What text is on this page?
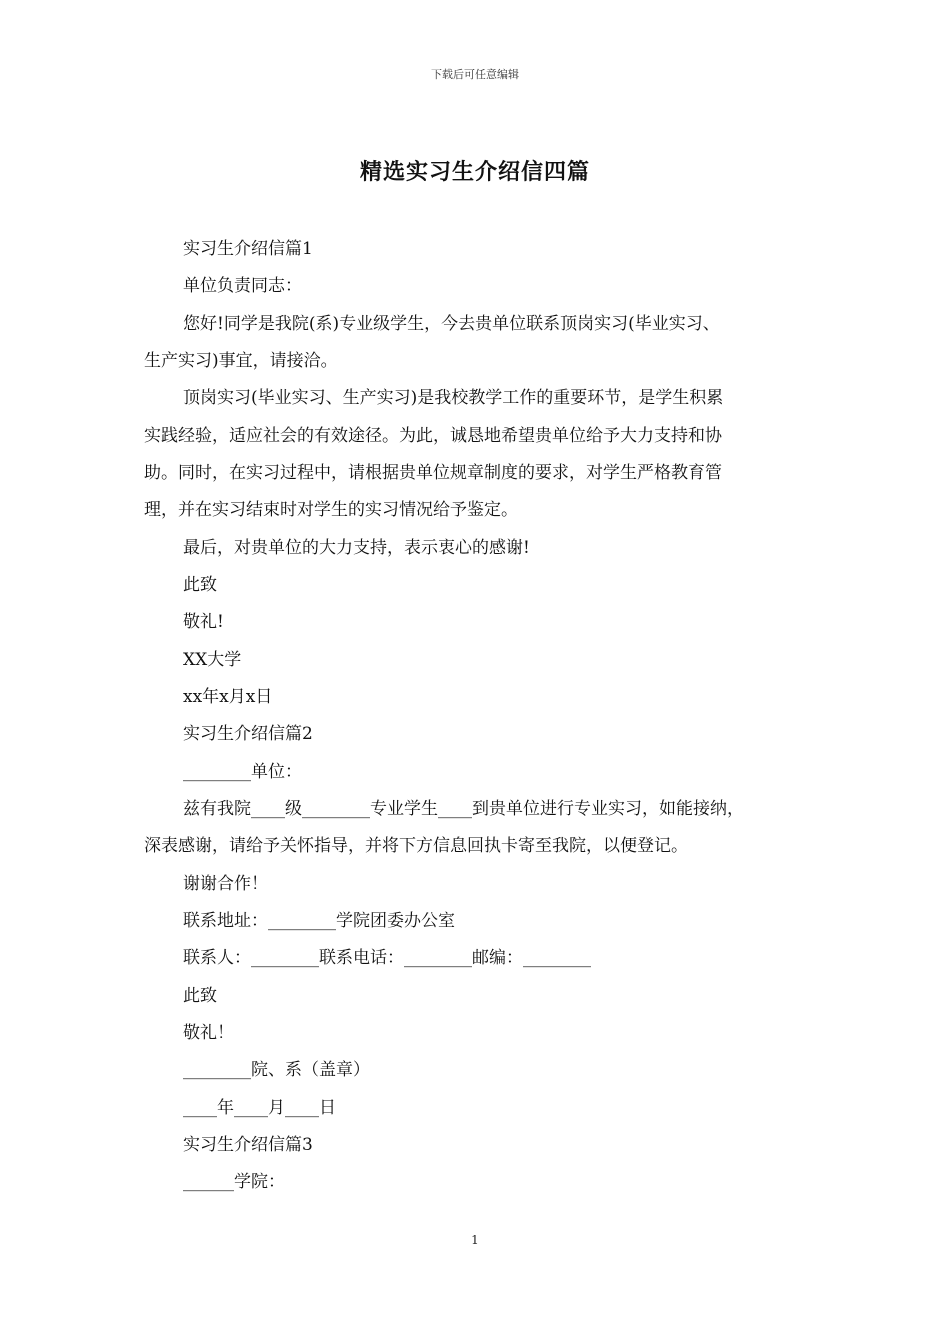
下载后可任意编辑
精选实习生介绍信四篇
实习生介绍信篇1
单位负责同志：
您好!同学是我院(系)专业级学生，今去贵单位联系顶岗实习(毕业实习、
生产实习)事宜，请接洽。
顶岗实习(毕业实习、生产实习)是我校教学工作的重要环节，是学生积累
实践经验，适应社会的有效途径。为此，诚恳地希望贵单位给予大力支持和协
助。同时，在实习过程中，请根据贵单位规章制度的要求，对学生严格教育管
理，并在实习结束时对学生的实习情况给予鉴定。
最后，对贵单位的大力支持，表示衷心的感谢!
此致
敬礼!
XX大学
xx年x月x日
实习生介绍信篇2
________单位：
兹有我院____级________专业学生____到贵单位进行专业实习，如能接纳，
深表感谢，请给予关怀指导，并将下方信息回执卡寄至我院，以便登记。
谢谢合作！
联系地址：________学院团委办公室
联系人：________联系电话：________邮编：________
此致
敬礼！
________院、系（盖章）
____年____月____日
实习生介绍信篇3
______学院：
1
